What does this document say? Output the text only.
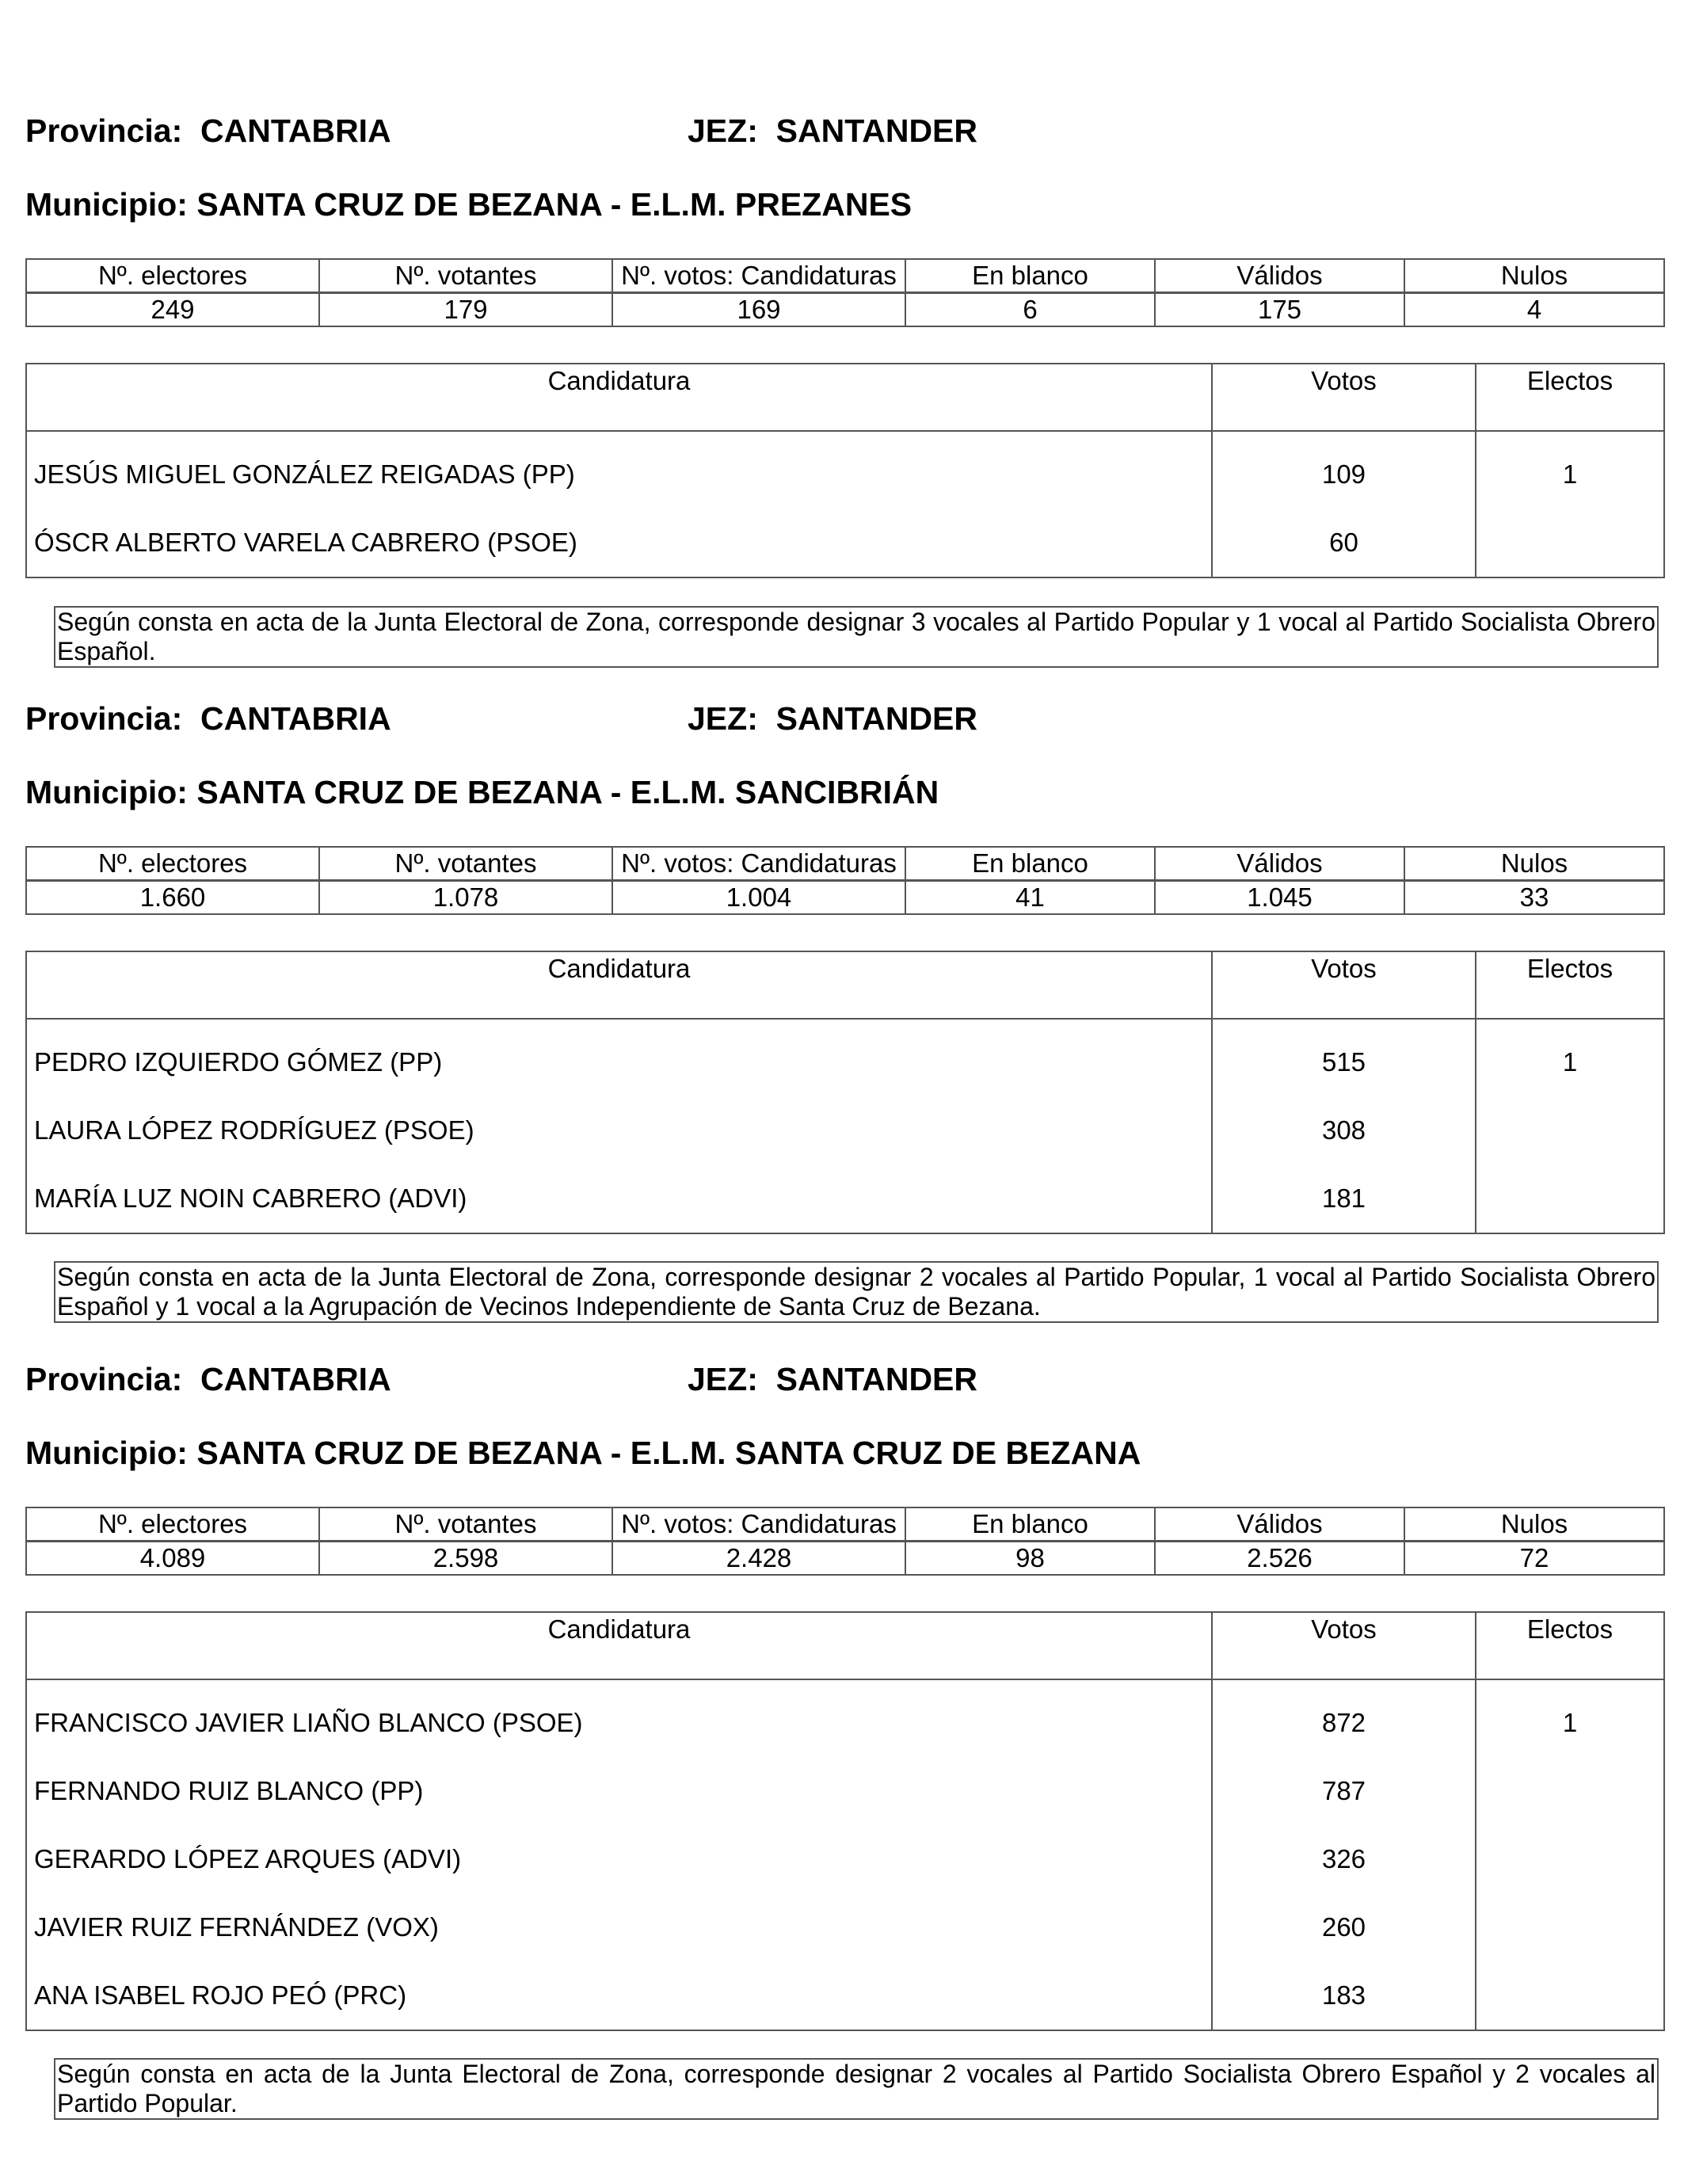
Provincia: CANTABRIA	JEZ: SANTANDER
Municipio: SANTA CRUZ DE BEZANA - E.L.M. PREZANES
Nº. electores	Nº. votantes	Nº. votos: Candidaturas	En blanco	Válidos	Nulos
249	179	169	6	175	4
Candidatura	Votos	Electos
JESÚS MIGUEL GONZÁLEZ REIGADAS (PP)	109	1
ÓSCR ALBERTO VARELA CABRERO (PSOE)	60	
Según consta en acta de la Junta Electoral de Zona, corresponde designar 3 vocales al Partido Popular y 1 vocal al Partido Socialista Obrero Español.
Provincia: CANTABRIA	JEZ: SANTANDER
Municipio: SANTA CRUZ DE BEZANA - E.L.M. SANCIBRIÁN
Nº. electores	Nº. votantes	Nº. votos: Candidaturas	En blanco	Válidos	Nulos
1.660	1.078	1.004	41	1.045	33
Candidatura	Votos	Electos
PEDRO IZQUIERDO GÓMEZ (PP)	515	1
LAURA LÓPEZ RODRÍGUEZ (PSOE)	308	
MARÍA LUZ NOIN CABRERO (ADVI)	181	
Según consta en acta de la Junta Electoral de Zona, corresponde designar 2 vocales al Partido Popular, 1 vocal al Partido Socialista Obrero Español y 1 vocal a la Agrupación de Vecinos Independiente de Santa Cruz de Bezana.
Provincia: CANTABRIA	JEZ: SANTANDER
Municipio: SANTA CRUZ DE BEZANA - E.L.M. SANTA CRUZ DE BEZANA
Nº. electores	Nº. votantes	Nº. votos: Candidaturas	En blanco	Válidos	Nulos
4.089	2.598	2.428	98	2.526	72
Candidatura	Votos	Electos
FRANCISCO JAVIER LIAÑO BLANCO (PSOE)	872	1
FERNANDO RUIZ BLANCO (PP)	787	
GERARDO LÓPEZ ARQUES (ADVI)	326	
JAVIER RUIZ FERNÁNDEZ (VOX)	260	
ANA ISABEL ROJO PEÓ (PRC)	183	
Según consta en acta de la Junta Electoral de Zona, corresponde designar 2 vocales al Partido Socialista Obrero Español y 2 vocales al Partido Popular.
